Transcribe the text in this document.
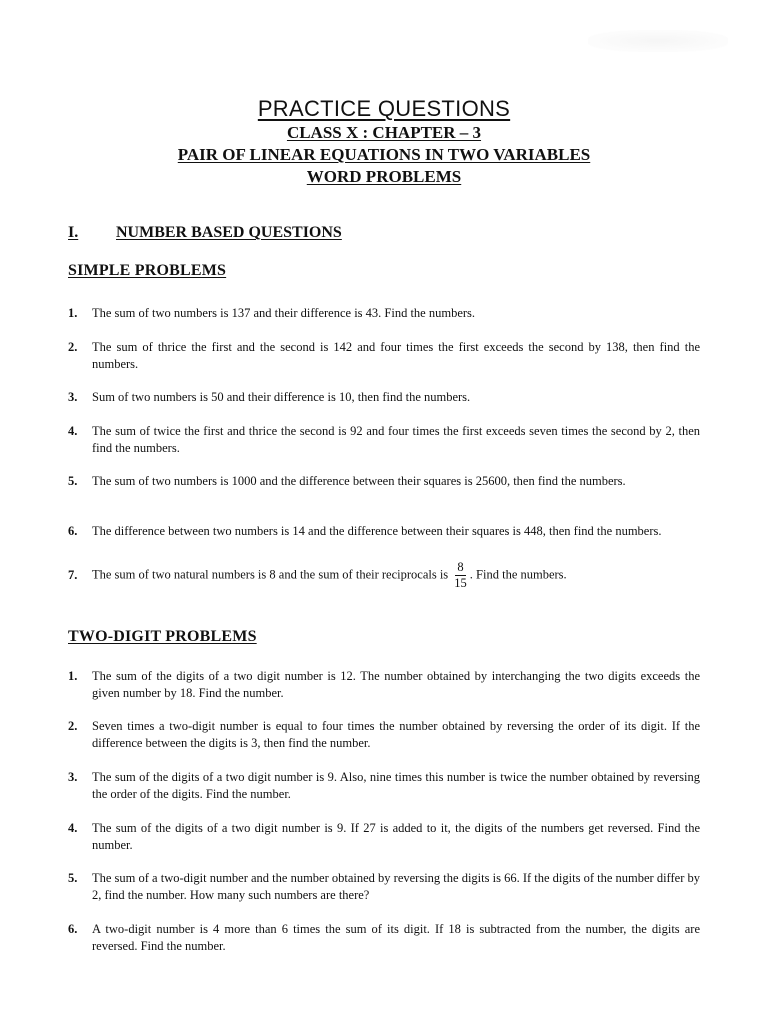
PRACTICE QUESTIONS
CLASS X : CHAPTER – 3
PAIR OF LINEAR EQUATIONS IN TWO VARIABLES
WORD PROBLEMS
I.	NUMBER BASED QUESTIONS
SIMPLE PROBLEMS
1.	The sum of two numbers is 137 and their difference is 43. Find the numbers.
2.	The sum of thrice the first and the second is 142 and four times the first exceeds the second by 138, then find the numbers.
3.	Sum of two numbers is 50 and their difference is 10, then find the numbers.
4.	The sum of twice the first and thrice the second is 92 and four times the first exceeds seven times the second by 2, then find the numbers.
5.	The sum of two numbers is 1000 and the difference between their squares is 25600, then find the numbers.
6.	The difference between two numbers is 14 and the difference between their squares is 448, then find the numbers.
7.	The sum of two natural numbers is 8 and the sum of their reciprocals is $\frac{8}{15}$ . Find the numbers.
TWO-DIGIT PROBLEMS
1.	The sum of the digits of a two digit number is 12. The number obtained by interchanging the two digits exceeds the given number by 18. Find the number.
2.	Seven times a two-digit number is equal to four times the number obtained by reversing the order of its digit. If the difference between the digits is 3, then find the number.
3.	The sum of the digits of a two digit number is 9. Also, nine times this number is twice the number obtained by reversing the order of the digits. Find the number.
4.	The sum of the digits of a two digit number is 9. If 27 is added to it, the digits of the numbers get reversed. Find the number.
5.	The sum of a two-digit number and the number obtained by reversing the digits is 66. If the digits of the number differ by 2, find the number. How many such numbers are there?
6.	A two-digit number is 4 more than 6 times the sum of its digit. If 18 is subtracted from the number, the digits are reversed. Find the number.
